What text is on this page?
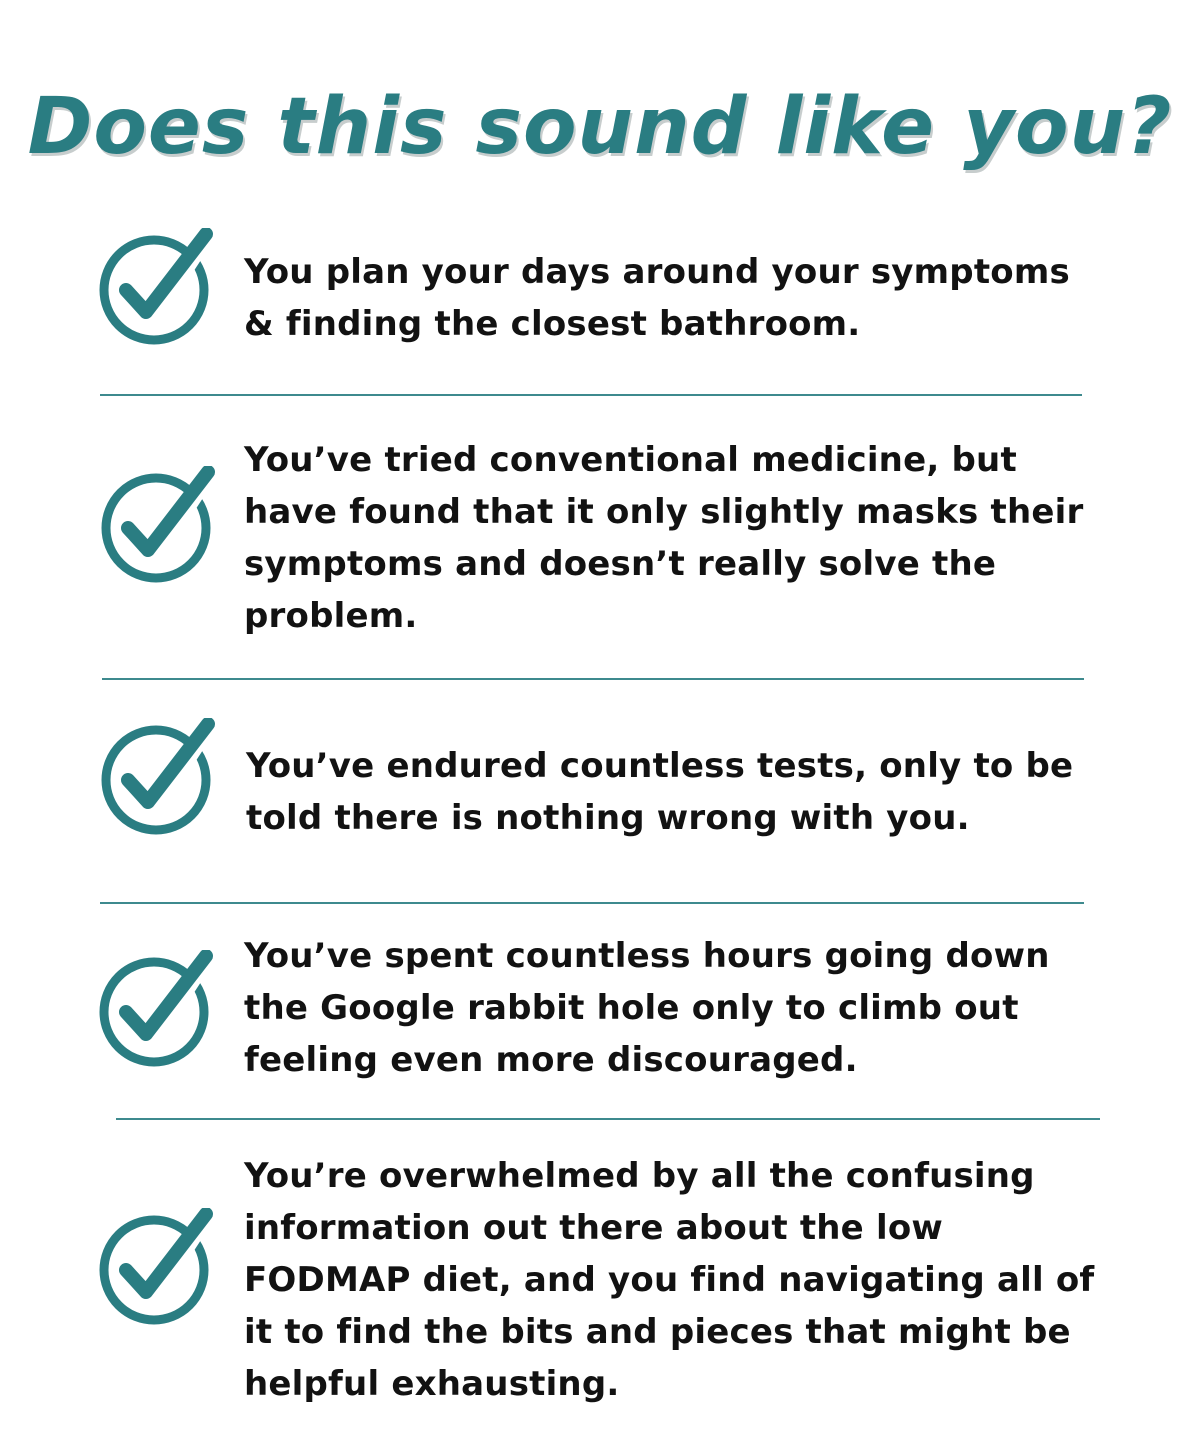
Does this sound like you?

You plan your days around your symptoms & finding the closest bathroom.

You’ve tried conventional medicine, but have found that it only slightly masks their symptoms and doesn’t really solve the problem.

You’ve endured countless tests, only to be told there is nothing wrong with you.

You’ve spent countless hours going down the Google rabbit hole only to climb out feeling even more discouraged.

You’re overwhelmed by all the confusing information out there about the low FODMAP diet, and you find navigating all of it to find the bits and pieces that might be helpful exhausting.
